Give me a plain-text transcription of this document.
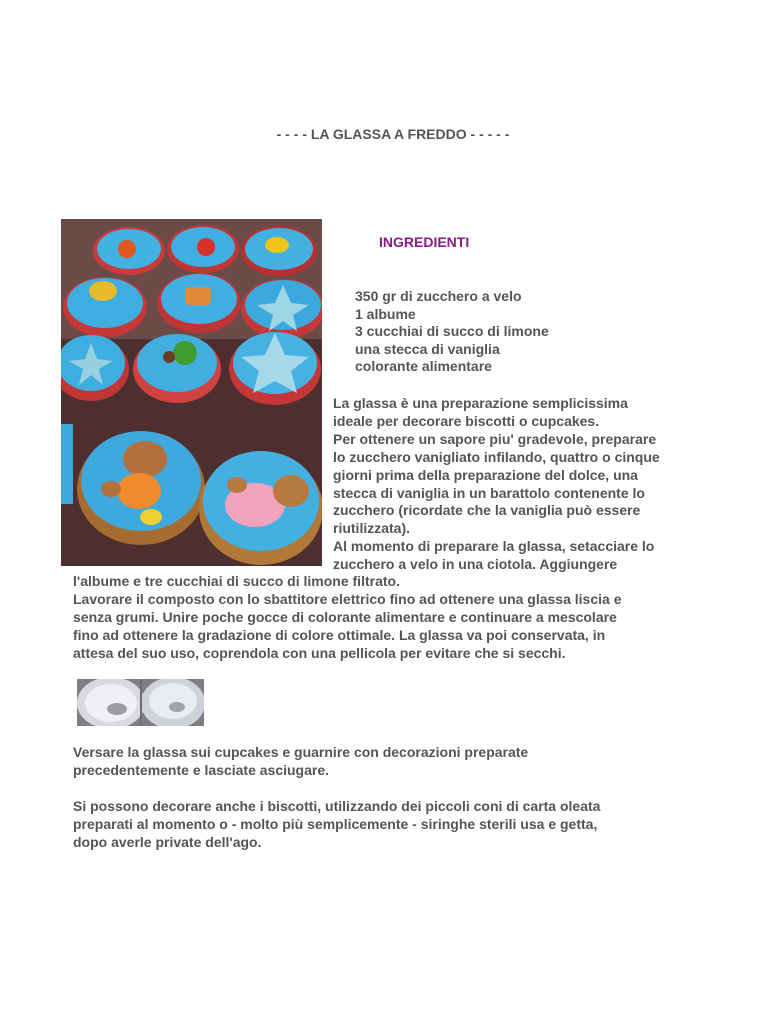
- - - - LA GLASSA A FREDDO - - - - -
INGREDIENTI
350 gr di zucchero a velo
1 albume
3 cucchiai di succo di limone
una stecca di vaniglia
colorante alimentare
La glassa è una preparazione semplicissima
ideale per decorare biscotti o cupcakes.
Per ottenere un sapore piu' gradevole, preparare
lo zucchero vanigliato infilando, quattro o cinque
giorni prima della preparazione del dolce, una
stecca di vaniglia in un barattolo contenente lo
zucchero (ricordate che la vaniglia può essere
riutilizzata).
Al momento di preparare la glassa, setacciare lo
zucchero a velo in una ciotola. Aggiungere
l'albume e tre cucchiai di succo di limone filtrato.
Lavorare il composto con lo sbattitore elettrico fino ad ottenere una glassa liscia e
senza grumi. Unire poche gocce di colorante alimentare e continuare a mescolare
fino ad ottenere la gradazione di colore ottimale. La glassa va poi conservata, in
attesa del suo uso, coprendola con una pellicola per evitare che si secchi.
Versare la glassa sui cupcakes e guarnire con decorazioni preparate
precedentemente e lasciate asciugare.
Si possono decorare anche i biscotti, utilizzando dei piccoli coni di carta oleata
preparati al momento o - molto più semplicemente - siringhe sterili usa e getta,
dopo averle private dell'ago.
